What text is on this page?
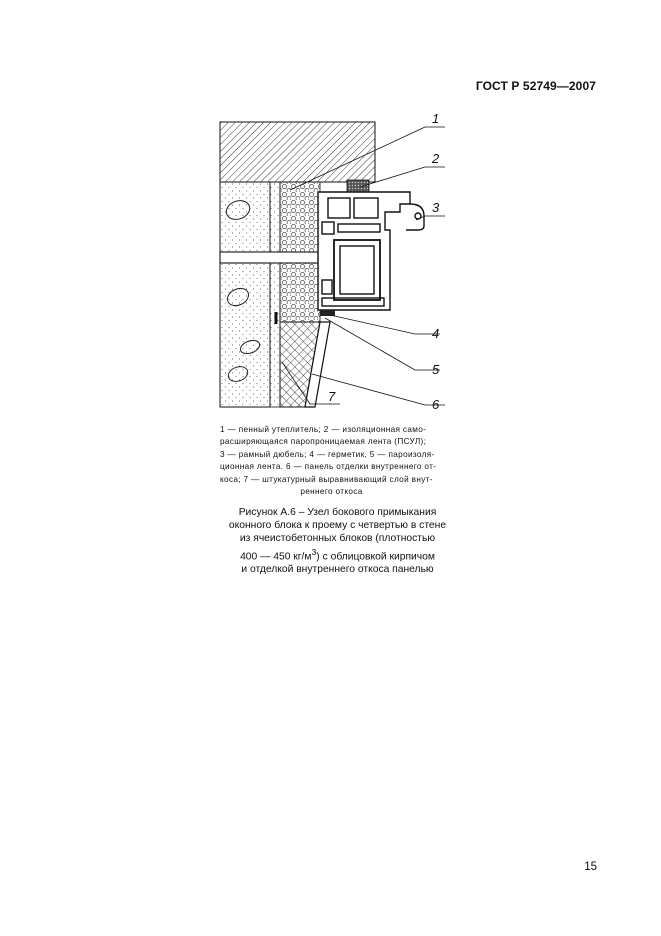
ГОСТ Р 52749—2007
1
2
3
4
5
6
7
1 — пенный утеплитель; 2 — изоляционная само-
расширяющаяся паропроницаемая лента (ПСУЛ);
3 — рамный дюбель; 4 — герметик, 5 — пароизоля-
ционная лента. 6 — панель отделки внутреннего от-
коса; 7 — штукатурный выравнивающий слой внут-
реннего откоса
Рисунок А.6 – Узел бокового примыкания
оконного блока к проему с четвертью в стене
из ячеистобетонных блоков (плотностью
400 — 450 $кг/м^3$) с облицовкой кирпичом
и отделкой внутреннего откоса панелью
15
